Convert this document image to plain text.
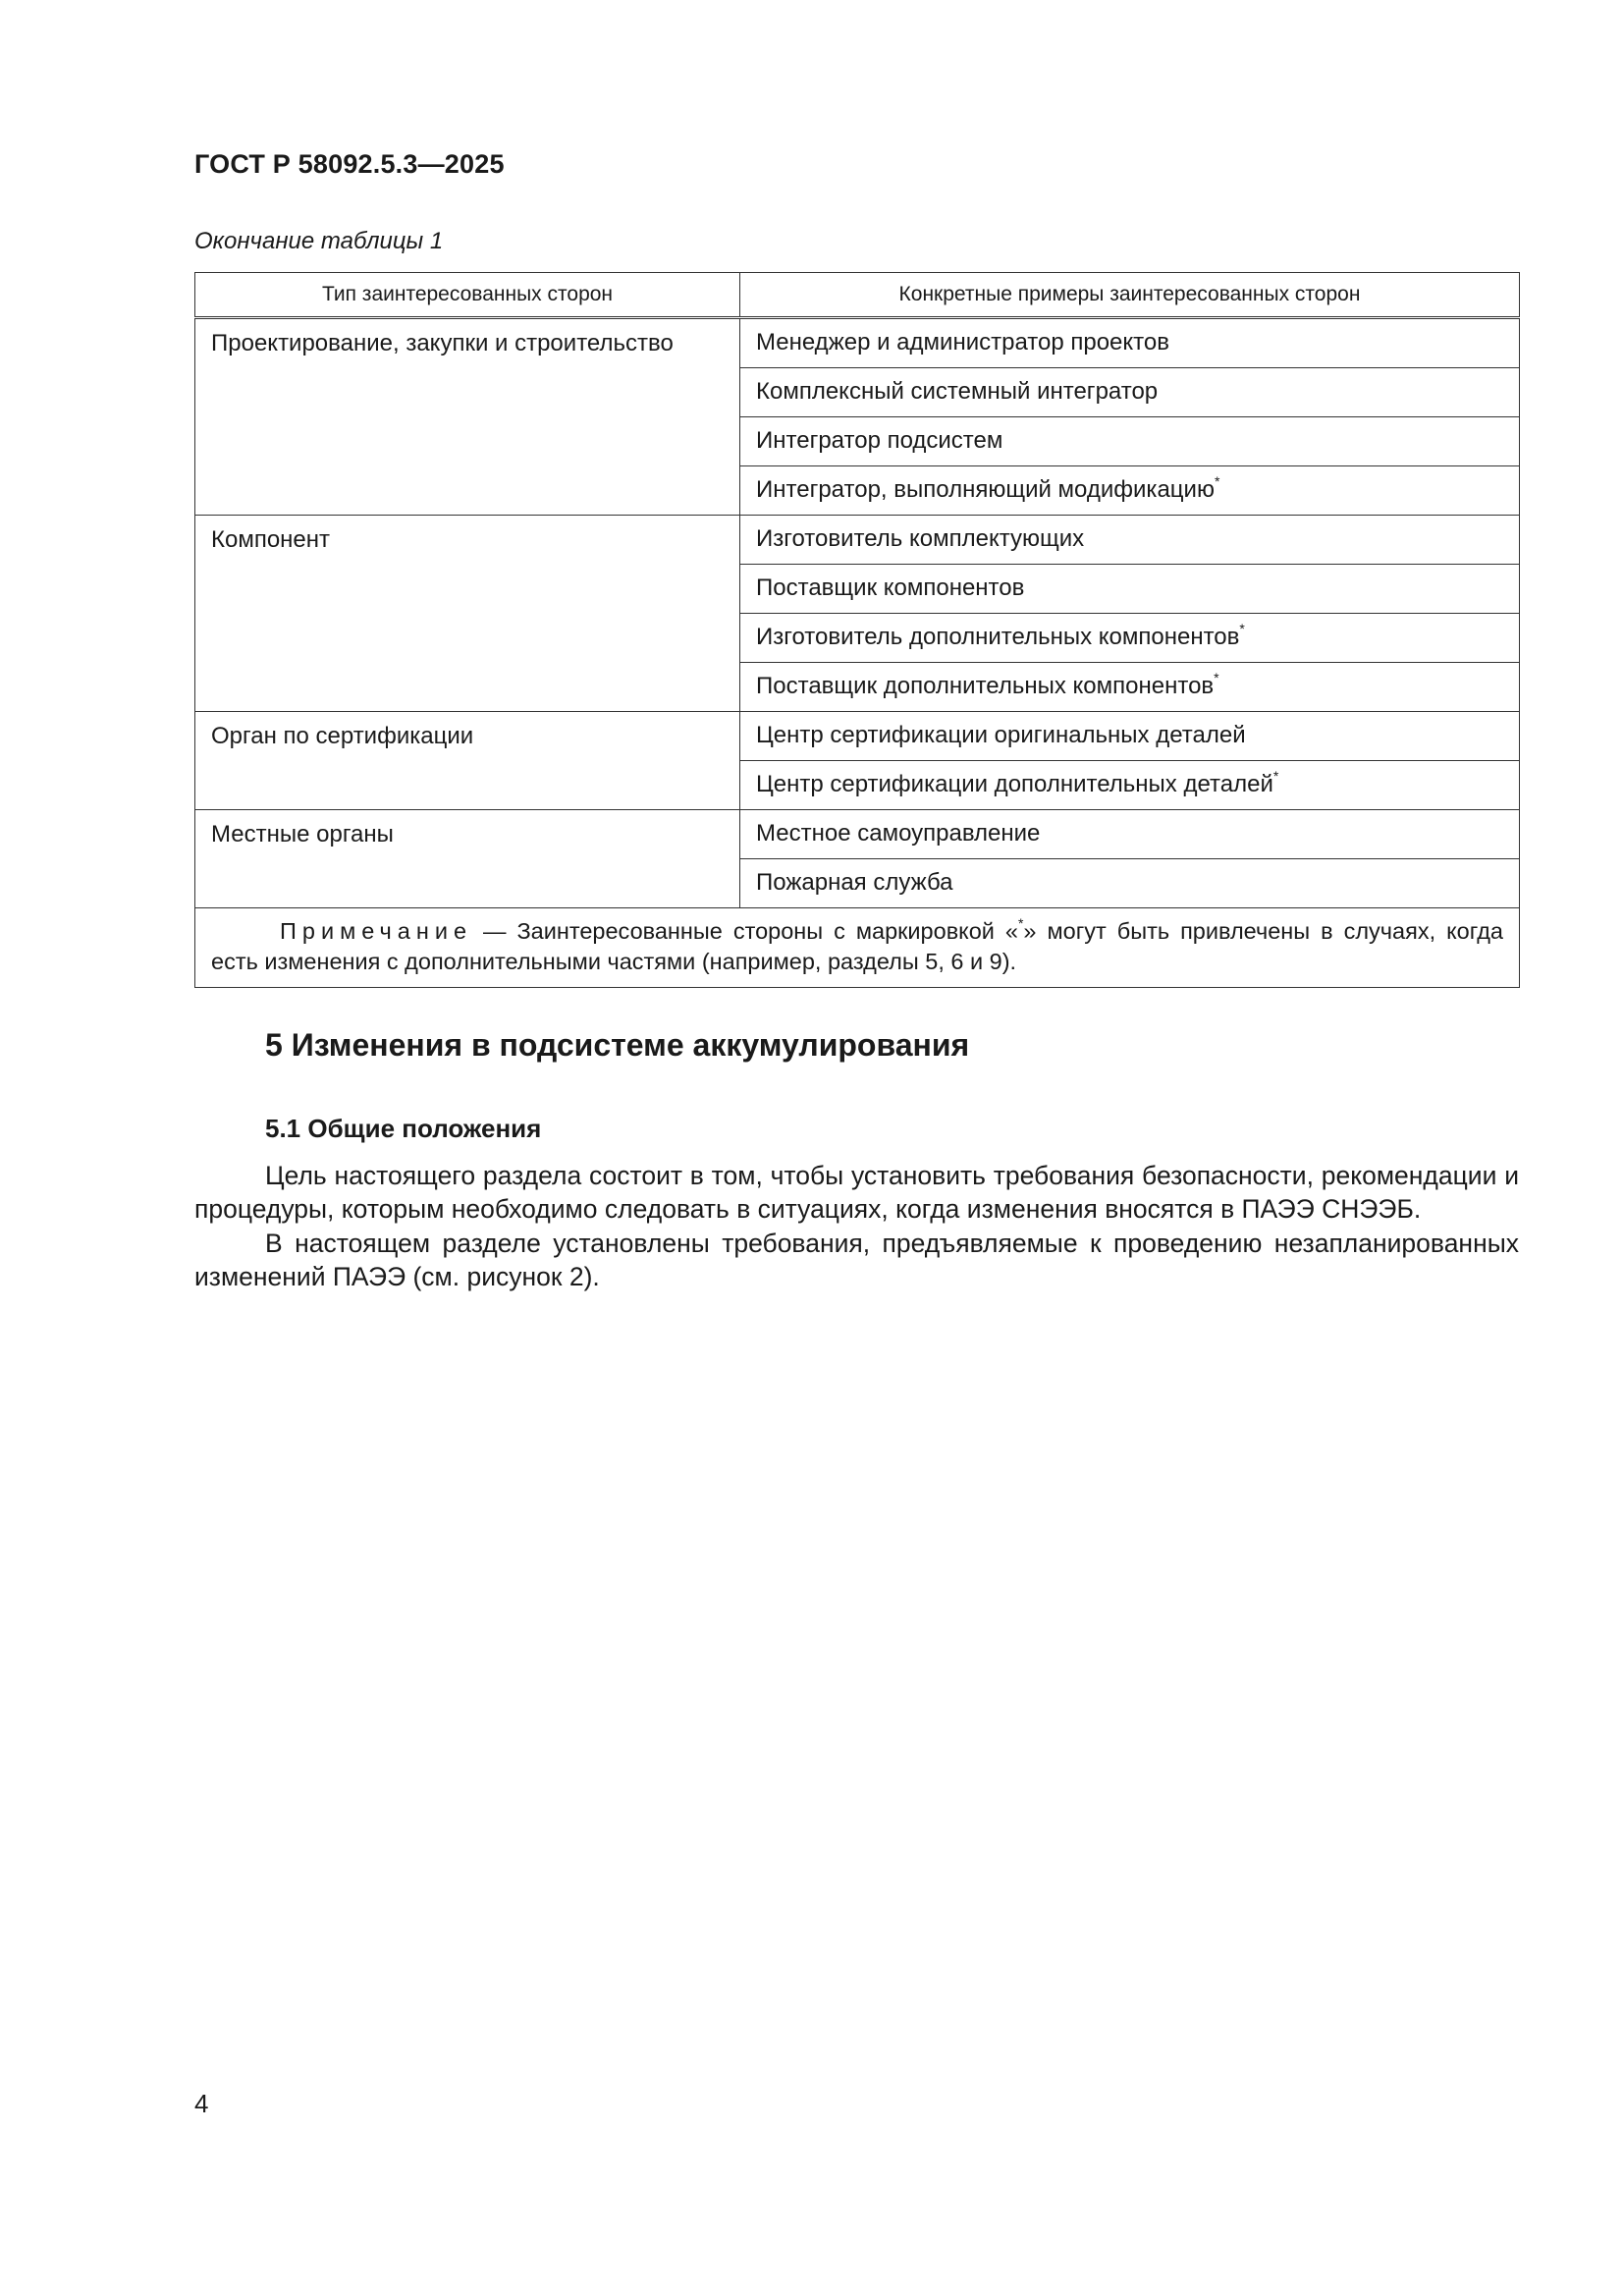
ГОСТ Р 58092.5.3—2025
Окончание таблицы 1
Тип заинтересованных сторон	Конкретные примеры заинтересованных сторон
Проектирование, закупки и строительство	Менеджер и администратор проектов
	Комплексный системный интегратор
	Интегратор подсистем
	Интегратор, выполняющий модификацию*
Компонент	Изготовитель комплектующих
	Поставщик компонентов
	Изготовитель дополнительных компонентов*
	Поставщик дополнительных компонентов*
Орган по сертификации	Центр сертификации оригинальных деталей
	Центр сертификации дополнительных деталей*
Местные органы	Местное самоуправление
	Пожарная служба
Примечание — Заинтересованные стороны с маркировкой «*» могут быть привлечены в случаях, когда есть изменения с дополнительными частями (например, разделы 5, 6 и 9).	
5 Изменения в подсистеме аккумулирования
5.1 Общие положения

Цель настоящего раздела состоит в том, чтобы установить требования безопасности, рекомендации и процедуры, которым необходимо следовать в ситуациях, когда изменения вносятся в ПАЭЭ СНЭЭБ.

В настоящем разделе установлены требования, предъявляемые к проведению незапланированных изменений ПАЭЭ (см. рисунок 2).

4
